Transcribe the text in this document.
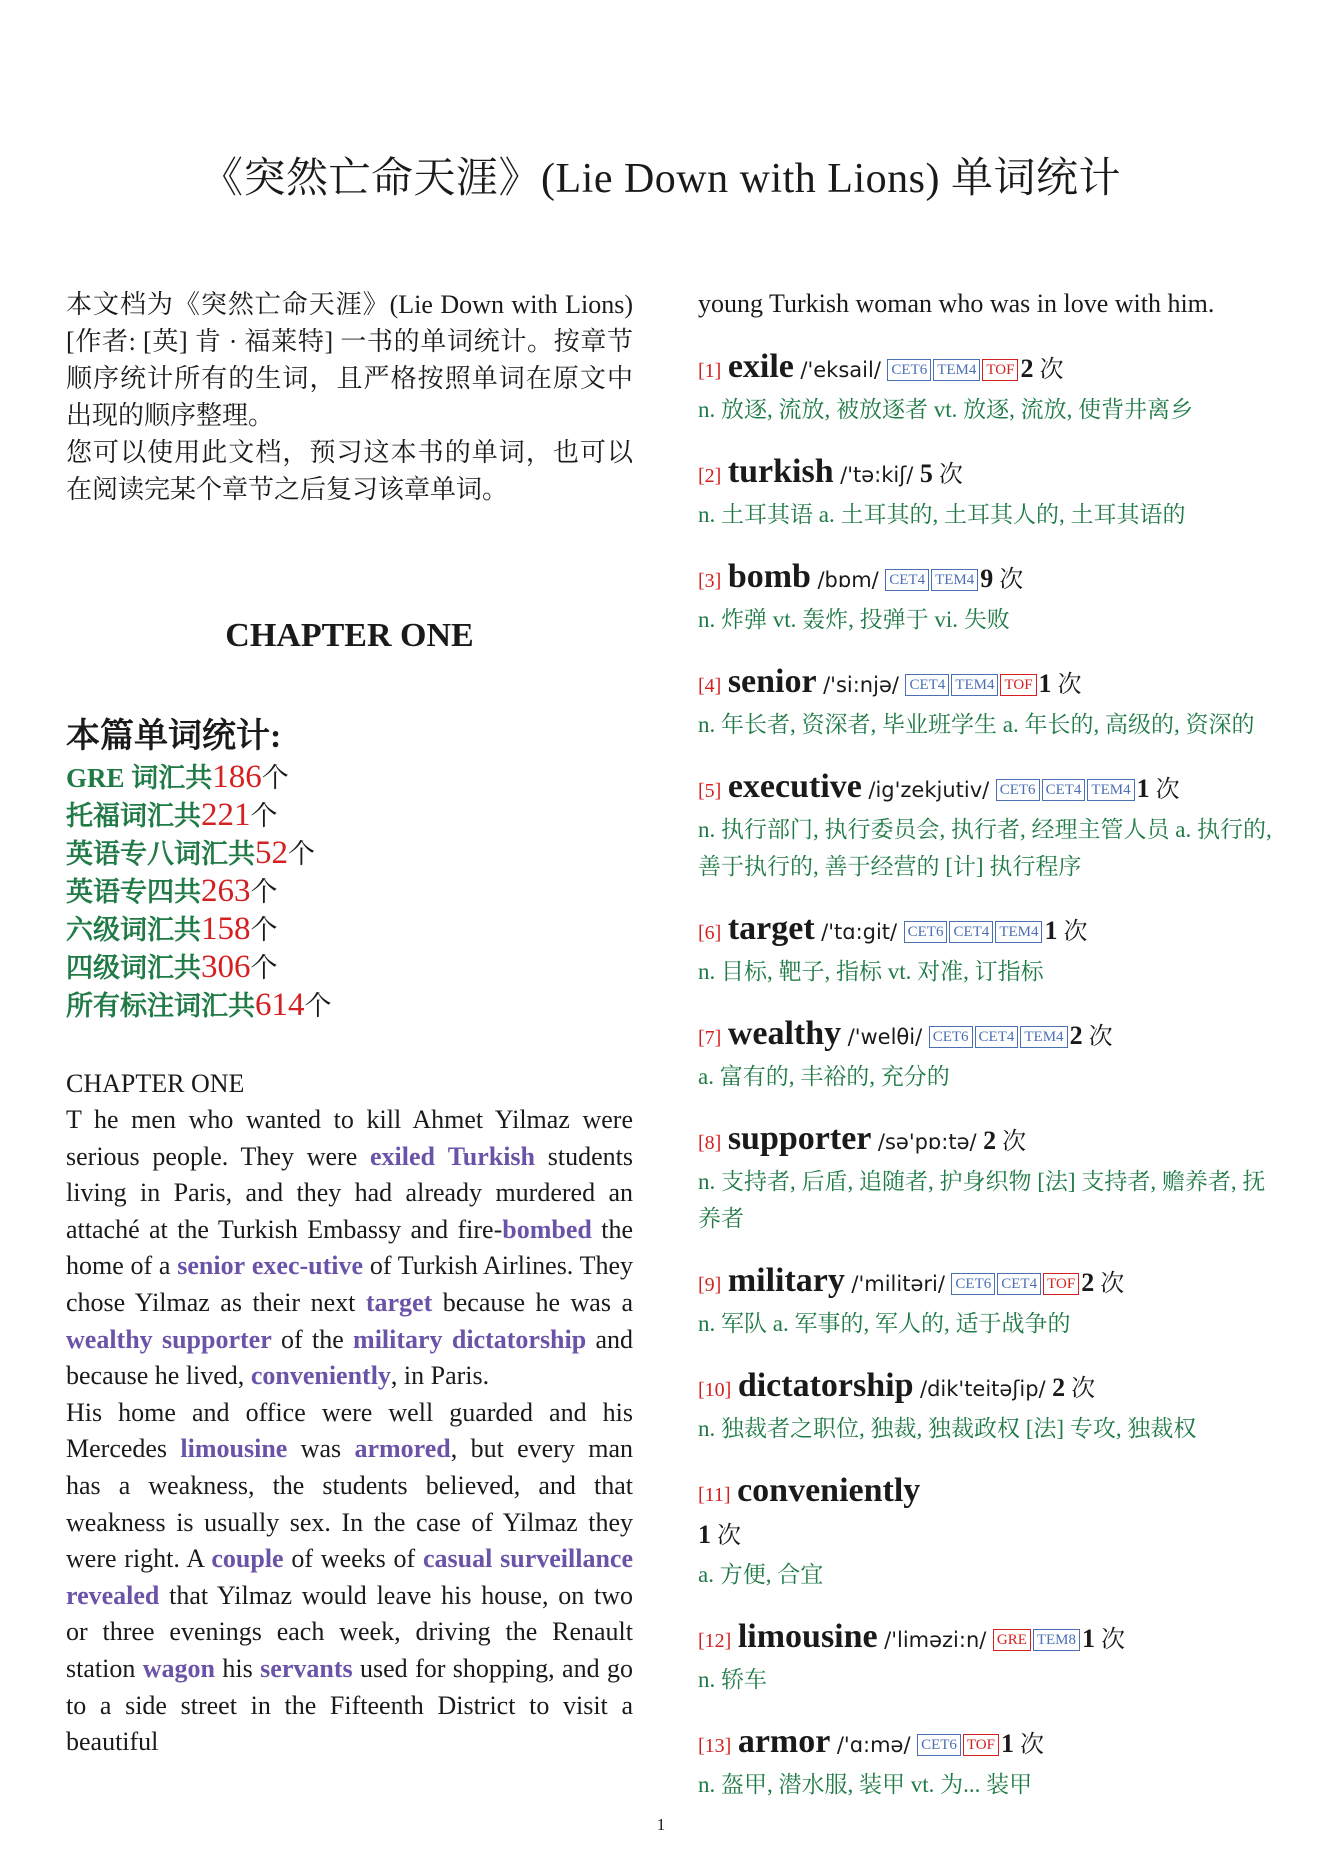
《突然亡命天涯》(Lie Down with Lions) 单词统计

本文档为《突然亡命天涯》(Lie Down with Lions)[作者: [英] 肯 · 福莱特] 一书的单词统计。按章节顺序统计所有的生词，且严格按照单词在原文中出现的顺序整理。

您可以使用此文档，预习这本书的单词，也可以在阅读完某个章节之后复习该章单词。

CHAPTER ONE
本篇单词统计:
GRE 词汇共186个
托福词汇共221个
英语专八词汇共52个
英语专四共263个
六级词汇共158个
四级词汇共306个
所有标注词汇共614个
CHAPTER ONE

T he men who wanted to kill Ahmet Yilmaz were serious people. They were exiled Turkish students living in Paris, and they had already murdered an attaché at the Turkish Embassy and fire-bombed the home of a senior exec-utive of Turkish Airlines. They chose Yilmaz as their next target because he was a wealthy supporter of the military dictatorship and because he lived, conveniently, in Paris.

His home and office were well guarded and his Mercedes limousine was armored, but every man has a weakness, the students believed, and that weakness is usually sex. In the case of Yilmaz they were right. A couple of weeks of casual surveillance revealed that Yilmaz would leave his house, on two or three evenings each week, driving the Renault station wagon his servants used for shopping, and go to a side street in the Fifteenth District to visit a beautiful

young Turkish woman who was in love with him.
[1] exile /'eksail/ CET6 TEM4 TOF 2 次
n. 放逐, 流放, 被放逐者 vt. 放逐, 流放, 使背井离乡
[2] turkish /'tə:kiʃ/ 5 次
n. 土耳其语 a. 土耳其的, 土耳其人的, 土耳其语的
[3] bomb /bɒm/ CET4 TEM4 9 次
n. 炸弹 vt. 轰炸, 投弹于 vi. 失败
[4] senior /'si:njə/ CET4 TEM4 TOF 1 次
n. 年长者, 资深者, 毕业班学生 a. 年长的, 高级的, 资深的
[5] executive /ig'zekjutiv/ CET6 CET4 TEM4 1 次
n. 执行部门, 执行委员会, 执行者, 经理主管人员 a. 执行的, 善于执行的, 善于经营的 [计] 执行程序
[6] target /'tɑ:git/ CET6 CET4 TEM4 1 次
n. 目标, 靶子, 指标 vt. 对准, 订指标
[7] wealthy /'welθi/ CET6 CET4 TEM4 2 次
a. 富有的, 丰裕的, 充分的
[8] supporter /sə'pɒ:tə/ 2 次
n. 支持者, 后盾, 追随者, 护身织物 [法] 支持者, 赡养者, 抚养者
[9] military /'militəri/ CET6 CET4 TOF 2 次
n. 军队 a. 军事的, 军人的, 适于战争的
[10] dictatorship /dik'teitəʃip/ 2 次
n. 独裁者之职位, 独裁, 独裁政权 [法] 专攻, 独裁权
[11] conveniently
1 次
a. 方便, 合宜
[12] limousine /'liməzi:n/ GRE TEM8 1 次
n. 轿车
[13] armor /'ɑ:mə/ CET6 TOF 1 次
n. 盔甲, 潜水服, 装甲 vt. 为... 装甲
1
